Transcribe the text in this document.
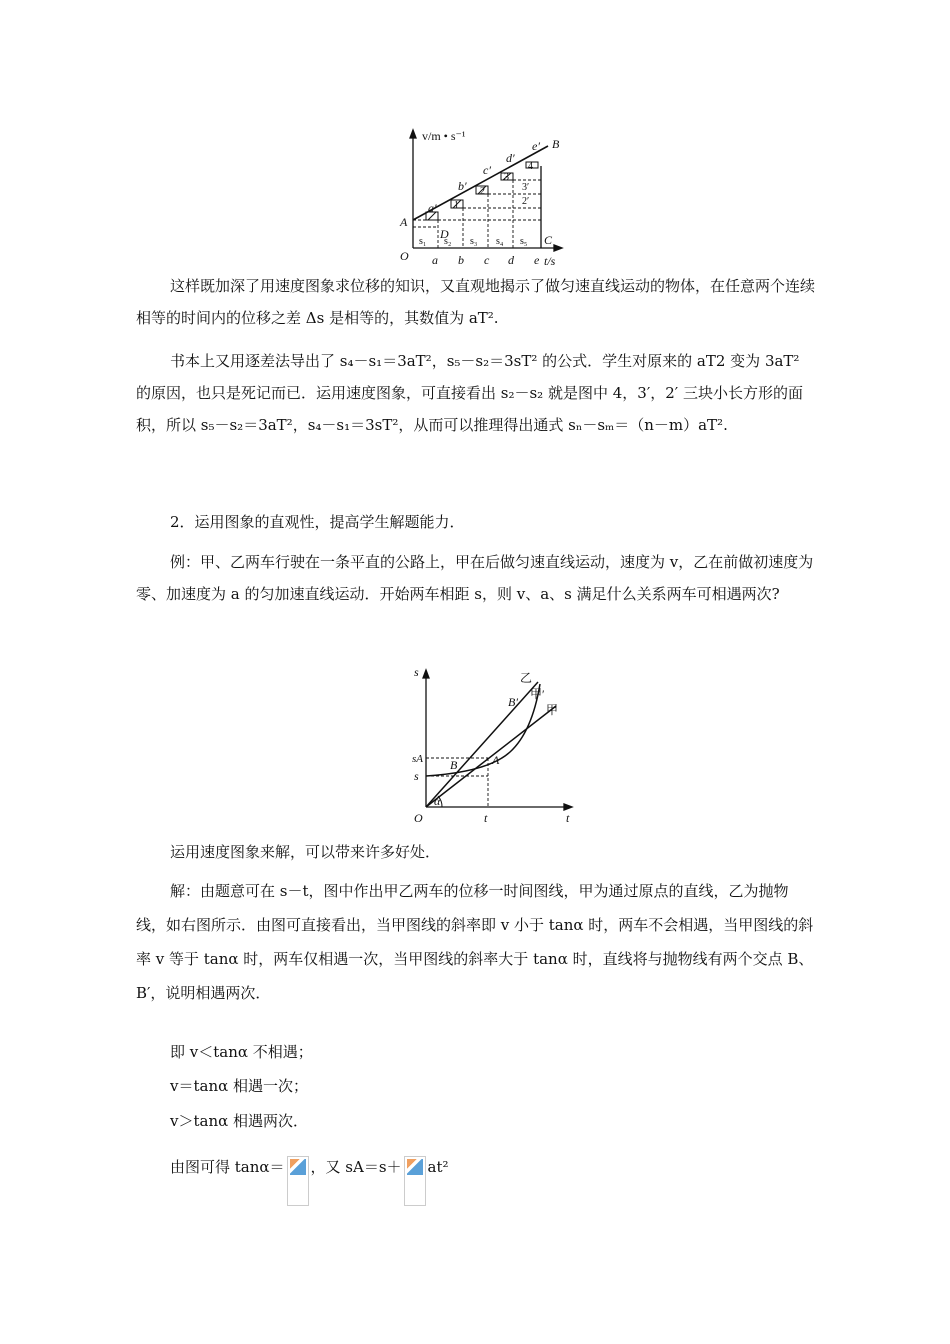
v/m • s⁻¹
t/s
O
A
B
C
D
a b c d e
a′
b′
c′
d′
e′
s₁ s₂ s₃ s₄ s₅
1
2
3
4
3′
2′

这样既加深了用速度图象求位移的知识，又直观地揭示了做匀速直线运动的物体，在任意两个连续相等的时间内的位移之差 Δs 是相等的，其数值为 aT².

书本上又用逐差法导出了 s₄－s₁＝3aT²，s₅－s₂＝3sT² 的公式．学生对原来的 aT2 变为 3aT² 的原因，也只是死记而已．运用速度图象，可直接看出 s₂－s₂ 就是图中 4，3′，2′ 三块小长方形的面积，所以 s₅－s₂＝3aT²，s₄－s₁＝3sT²，从而可以推理得出通式 sₙ－sₘ＝（n－m）aT².

2．运用图象的直观性，提高学生解题能力．

例：甲、乙两车行驶在一条平直的公路上，甲在后做匀速直线运动，速度为 v，乙在前做初速度为零、加速度为 a 的匀加速直线运动．开始两车相距 s，则 v、a、s 满足什么关系两车可相遇两次?

s
t
O
sA
s
t
B	A
B′
α
乙
甲′
甲

运用速度图象来解，可以带来许多好处．

解：由题意可在 s－t，图中作出甲乙两车的位移一时间图线，甲为通过原点的直线，乙为抛物线，如右图所示．由图可直接看出，当甲图线的斜率即 v 小于 tanα 时，两车不会相遇，当甲图线的斜率 v 等于 tanα 时，两车仅相遇一次，当甲图线的斜率大于 tanα 时，直线将与抛物线有两个交点 B、B′，说明相遇两次．

即 v＜tanα 不相遇；
v＝tanα 相遇一次；
v＞tanα 相遇两次．
由图可得 tanα＝ ，又 sA＝s＋ at²
